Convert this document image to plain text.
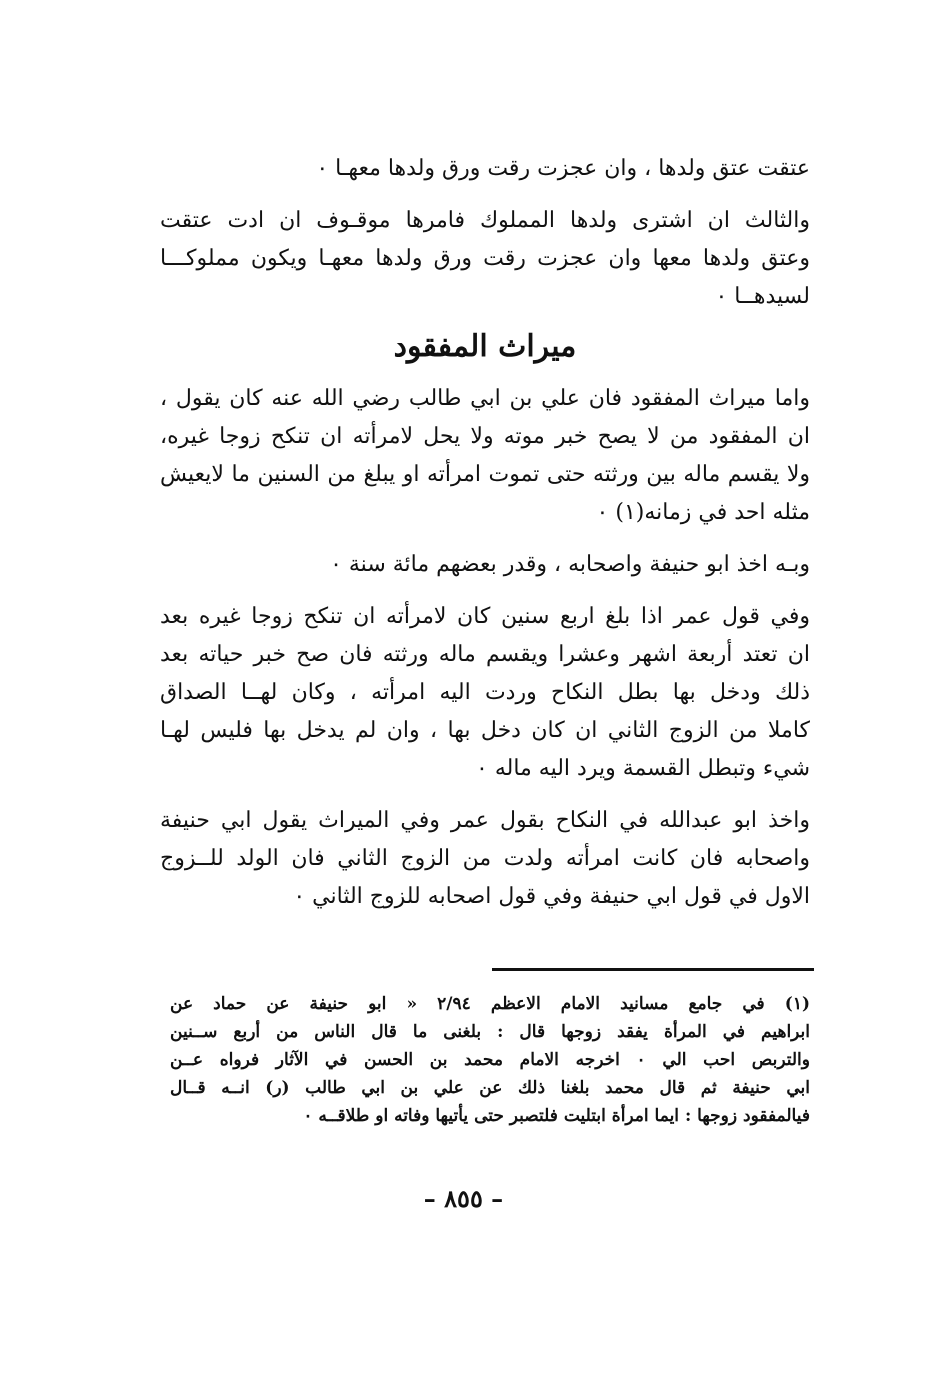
عتقت عتق ولدها ، وان عجزت رقت ورق ولدها معهـا ٠
والثالث ان اشترى ولدها المملوك فامرها موقـوف ان ادت عتقت
وعتق ولدها معها وان عجزت رقت ورق ولدها معهـا ويكون مملوكـــا
لسيدهــا ٠
ميراث المفقود
واما ميراث المفقود فان علي بن ابي طالب رضي الله عنه كان يقول ،
ان المفقود من لا يصح خبر موته ولا يحل لامرأته ان تنكح زوجا غيره،
ولا يقسم ماله بين ورثته حتى تموت امرأته او يبلغ من السنين ما لايعيش
مثله احد في زمانه(١) ٠
وبـه اخذ ابو حنيفة واصحابه ، وقدر بعضهم مائة سنة ٠
وفي قول عمر اذا بلغ اربع سنين كان لامرأته ان تنكح زوجا غيره بعد
ان تعتد أربعة اشهر وعشرا ويقسم ماله ورثته فان صح خبر حياته بعد
ذلك ودخل بها بطل النكاح وردت اليه امرأته ، وكان لهــا الصداق
كاملا من الزوج الثاني ان كان دخل بها ، وان لم يدخل بها فليس لهـا
شيء وتبطل القسمة ويرد اليه ماله ٠
واخذ ابو عبدالله في النكاح بقول عمر وفي الميراث يقول ابي حنيفة
واصحابه فان كانت امرأته ولدت من الزوج الثاني فان الولد للــزوج
الاول في قول ابي حنيفة وفي قول اصحابه للزوج الثاني ٠
(١) في جامع مسانيد الامام الاعظم ٢/٩٤ « ابو حنيفة عن حماد عن
ابراهيم في المرأة يفقد زوجها قال : بلغنى ما قال الناس من أربع ســنين
والتربص احب الي ٠ اخرجه الامام محمد بن الحسن في الآثار فرواه عــن
ابي حنيفة ثم قال محمد بلغنا ذلك عن علي بن ابي طالب (ر) انــه قــال
فيالمفقود زوجها : ايما امرأة ابتليت فلتصبر حتى يأتيها وفاته او طلاقــه ٠
– ٨٥٥ –
